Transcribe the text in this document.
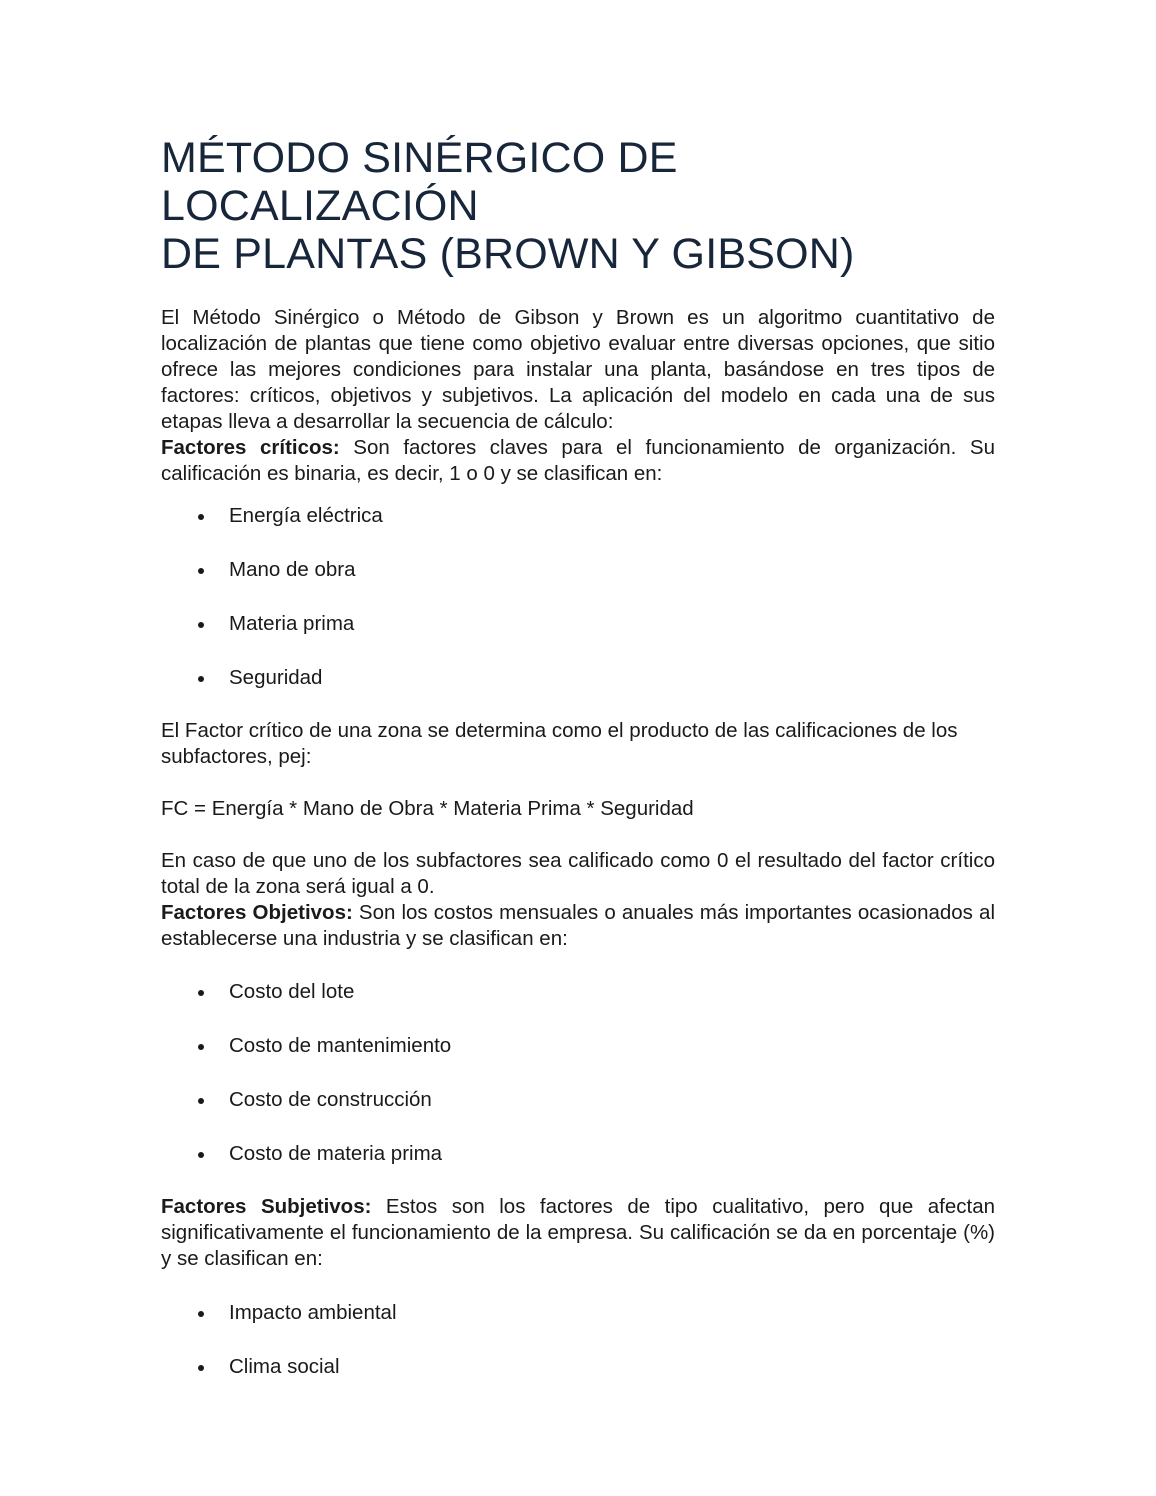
MÉTODO SINÉRGICO DE LOCALIZACIÓN
DE PLANTAS (BROWN Y GIBSON)

El Método Sinérgico o Método de Gibson y Brown es un algoritmo cuantitativo de localización de plantas que tiene como objetivo evaluar entre diversas opciones, que sitio ofrece las mejores condiciones para instalar una planta, basándose en tres tipos de factores: críticos, objetivos y subjetivos. La aplicación del modelo en cada una de sus etapas lleva a desarrollar la secuencia de cálculo:

Factores críticos: Son factores claves para el funcionamiento de organización. Su calificación es binaria, es decir, 1 o 0 y se clasifican en:

Energía eléctrica
Mano de obra
Materia prima
Seguridad

El Factor crítico de una zona se determina como el producto de las calificaciones de los subfactores, pej:

FC = Energía * Mano de Obra * Materia Prima * Seguridad

En caso de que uno de los subfactores sea calificado como 0 el resultado del factor crítico total de la zona será igual a 0.

Factores Objetivos: Son los costos mensuales o anuales más importantes ocasionados al establecerse una industria y se clasifican en:

Costo del lote
Costo de mantenimiento
Costo de construcción
Costo de materia prima

Factores Subjetivos: Estos son los factores de tipo cualitativo, pero que afectan significativamente el funcionamiento de la empresa. Su calificación se da en porcentaje (%) y se clasifican en:

Impacto ambiental
Clima social
